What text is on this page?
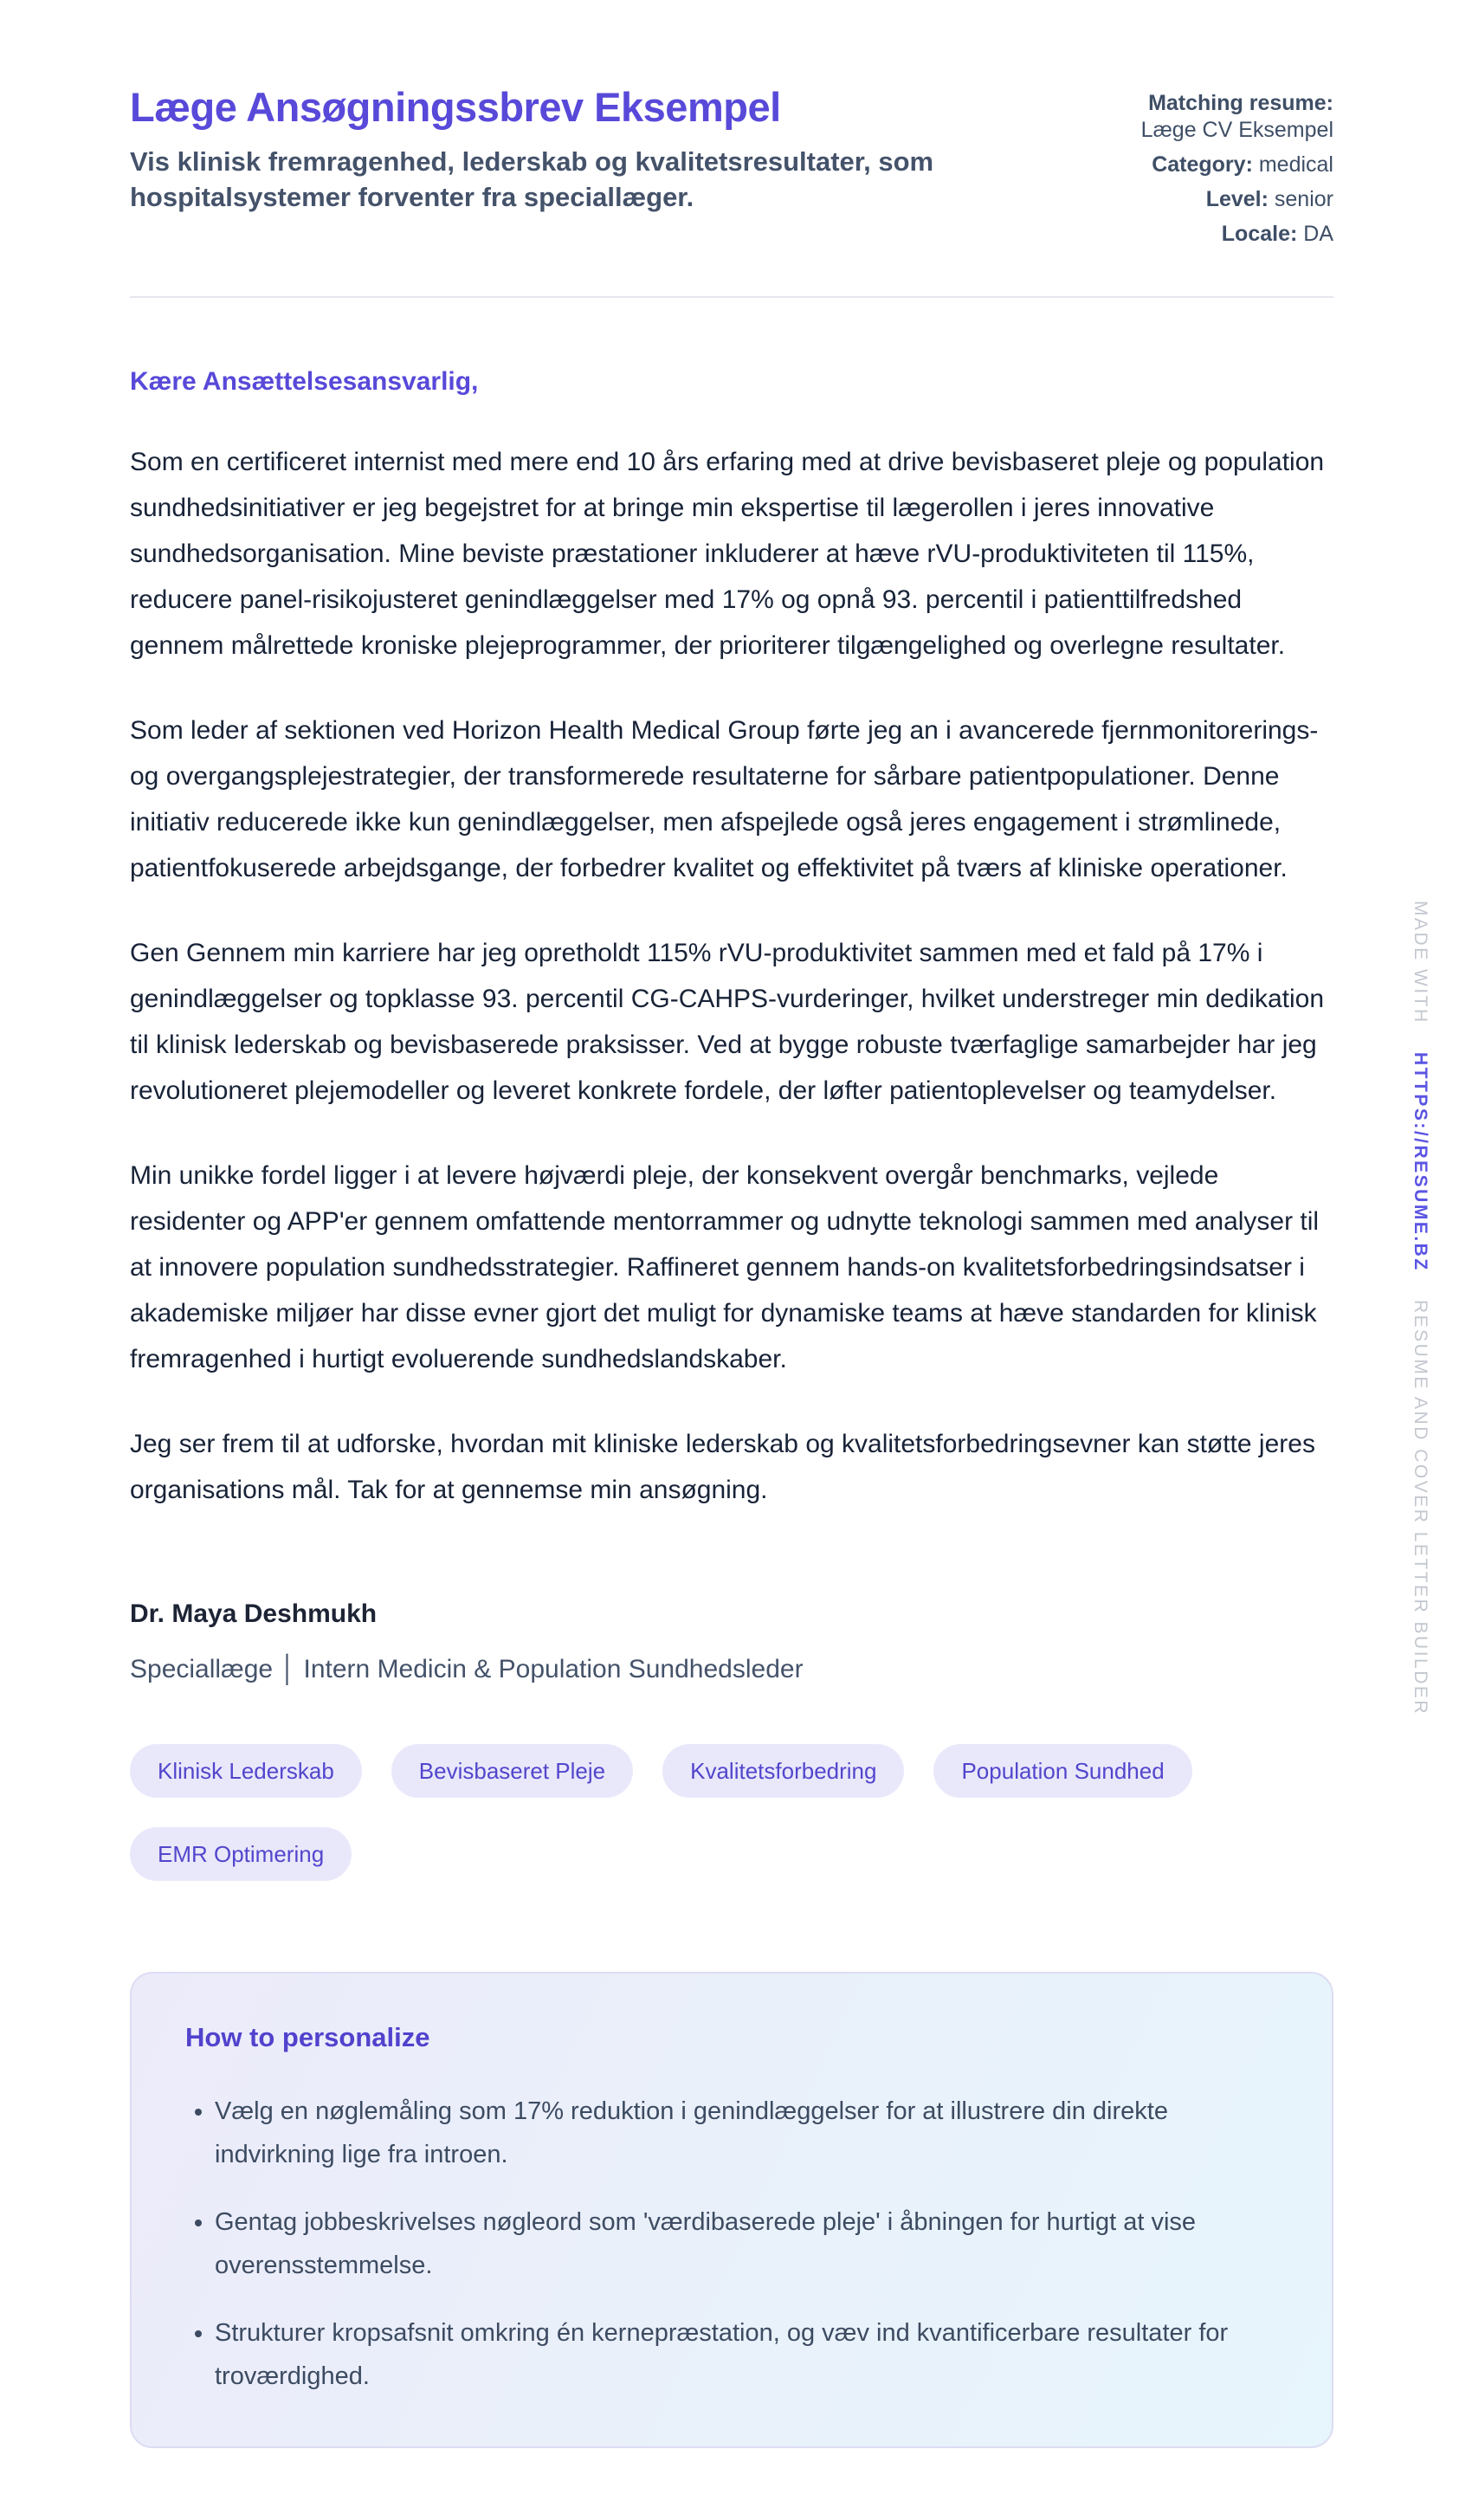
Læge Ansøgningssbrev Eksempel

Vis klinisk fremragenhed, lederskab og kvalitetsresultater, som hospitalsystemer forventer fra speciallæger.

Matching resume:
Læge CV Eksempel
Category: medical
Level: senior
Locale: DA

Kære Ansættelsesansvarlig,

Som en certificeret internist med mere end 10 års erfaring med at drive bevisbaseret pleje og population sundhedsinitiativer er jeg begejstret for at bringe min ekspertise til lægerollen i jeres innovative sundhedsorganisation. Mine beviste præstationer inkluderer at hæve rVU-produktiviteten til 115%, reducere panel-risikojusteret genindlæggelser med 17% og opnå 93. percentil i patienttilfredshed gennem målrettede kroniske plejeprogrammer, der prioriterer tilgængelighed og overlegne resultater.

Som leder af sektionen ved Horizon Health Medical Group førte jeg an i avancerede fjernmonitorerings- og overgangsplejestrategier, der transformerede resultaterne for sårbare patientpopulationer. Denne initiativ reducerede ikke kun genindlæggelser, men afspejlede også jeres engagement i strømlinede, patientfokuserede arbejdsgange, der forbedrer kvalitet og effektivitet på tværs af kliniske operationer.

Gen Gennem min karriere har jeg opretholdt 115% rVU-produktivitet sammen med et fald på 17% i genindlæggelser og topklasse 93. percentil CG-CAHPS-vurderinger, hvilket understreger min dedikation til klinisk lederskab og bevisbaserede praksisser. Ved at bygge robuste tværfaglige samarbejder har jeg revolutioneret plejemodeller og leveret konkrete fordele, der løfter patientoplevelser og teamydelser.

Min unikke fordel ligger i at levere højværdi pleje, der konsekvent overgår benchmarks, vejlede residenter og APP'er gennem omfattende mentorrammer og udnytte teknologi sammen med analyser til at innovere population sundhedsstrategier. Raffineret gennem hands-on kvalitetsforbedringsindsatser i akademiske miljøer har disse evner gjort det muligt for dynamiske teams at hæve standarden for klinisk fremragenhed i hurtigt evoluerende sundhedslandskaber.

Jeg ser frem til at udforske, hvordan mit kliniske lederskab og kvalitetsforbedringsevner kan støtte jeres organisations mål. Tak for at gennemse min ansøgning.

Dr. Maya Deshmukh

Speciallæge │ Intern Medicin & Population Sundhedsleder

Klinisk Lederskab	Bevisbaseret Pleje	Kvalitetsforbedring	Population Sundhed
EMR Optimering
How to personalize
• Vælg en nøglemåling som 17% reduktion i genindlæggelser for at illustrere din direkte indvirkning lige fra introen.
• Gentag jobbeskrivelses nøgleord som 'værdibaserede pleje' i åbningen for hurtigt at vise overensstemmelse.
• Strukturer kropsafsnit omkring én kernepræstation, og væv ind kvantificerbare resultater for troværdighed.
MADE WITH HTTPS://RESUME.BZ RESUME AND COVER LETTER BUILDER
